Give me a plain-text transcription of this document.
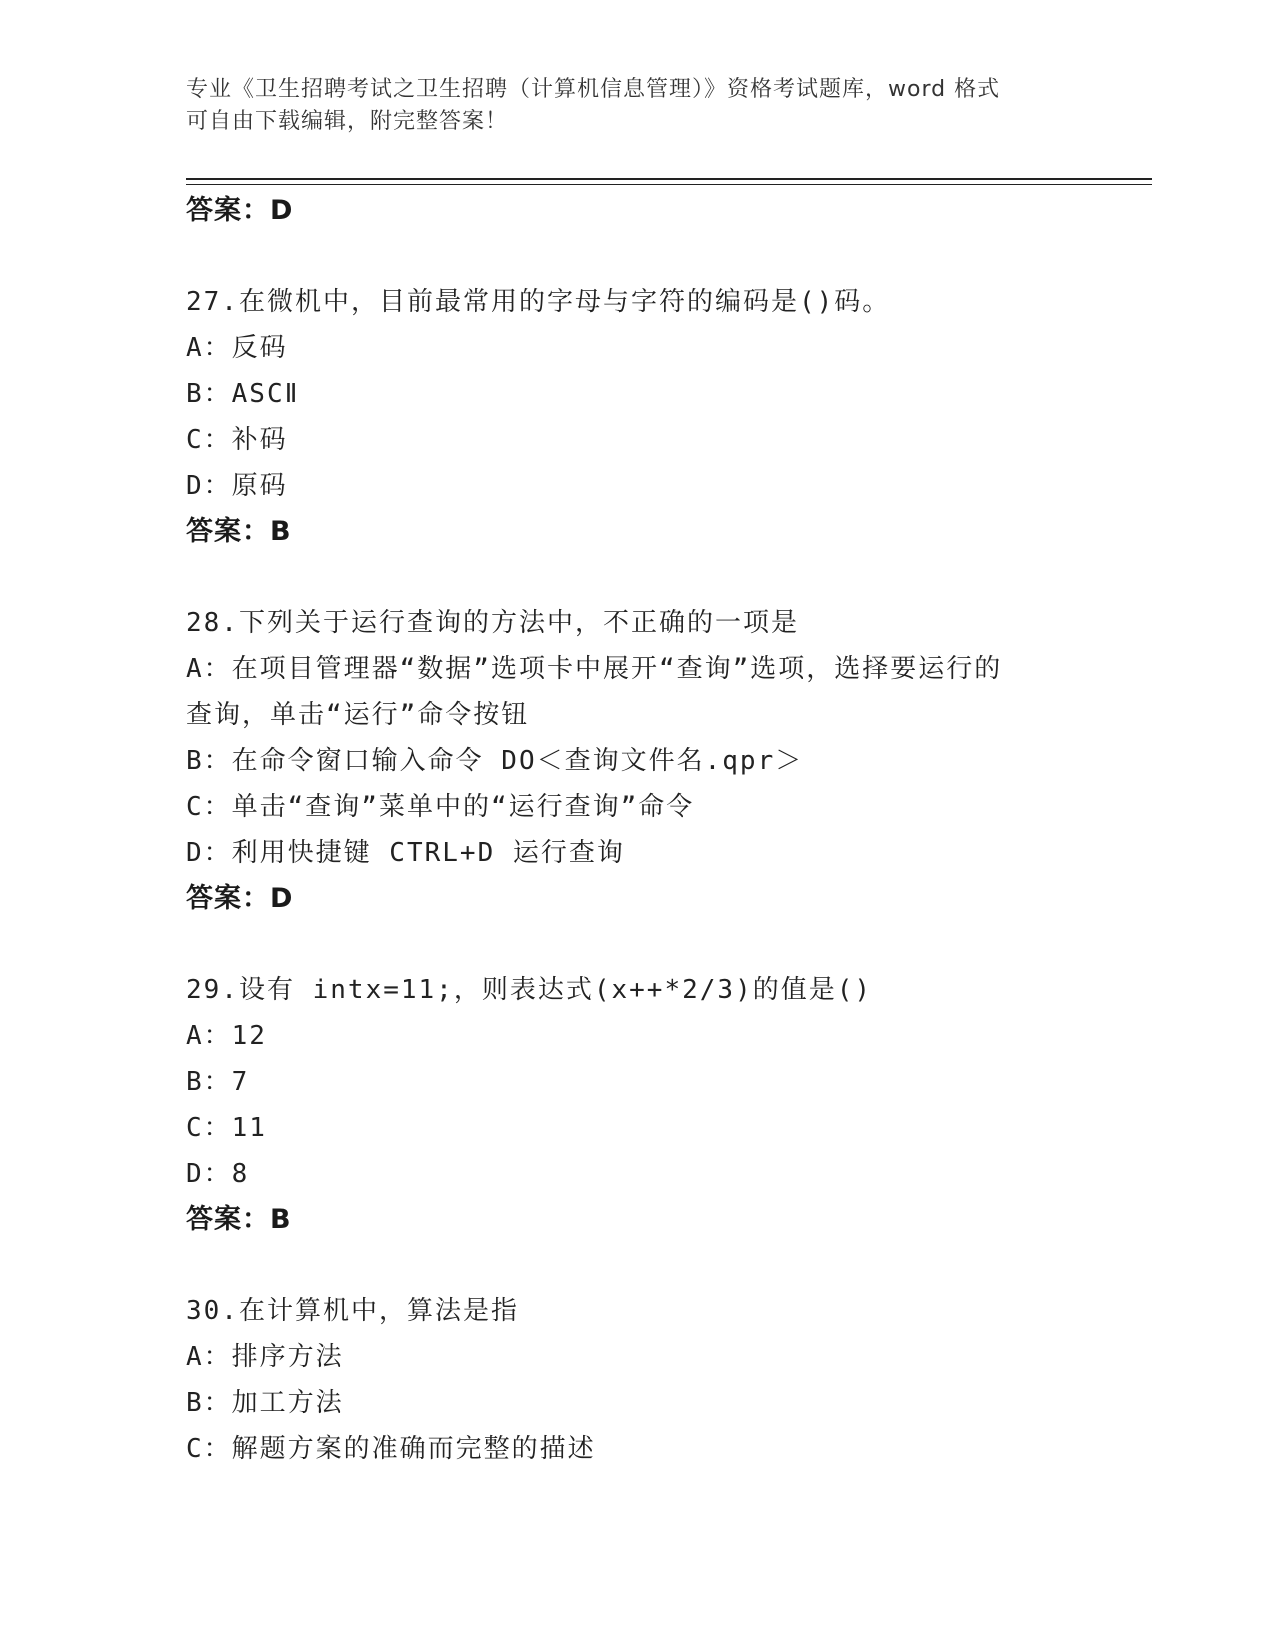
专业《卫生招聘考试之卫生招聘（计算机信息管理）》资格考试题库，word 格式
可自由下载编辑，附完整答案！
答案：D
27.在微机中，目前最常用的字母与字符的编码是()码。
A：反码
B：ASCⅡ
C：补码
D：原码
答案：B
28.下列关于运行查询的方法中，不正确的一项是
A：在项目管理器“数据”选项卡中展开“查询”选项，选择要运行的
查询，单击“运行”命令按钮
B：在命令窗口输入命令 DO＜查询文件名.qpr＞
C：单击“查询”菜单中的“运行查询”命令
D：利用快捷键 CTRL+D 运行查询
答案：D
29.设有 intx=11;，则表达式(x++*2/3)的值是()
A：12
B：7
C：11
D：8
答案：B
30.在计算机中，算法是指
A：排序方法
B：加工方法
C：解题方案的准确而完整的描述
